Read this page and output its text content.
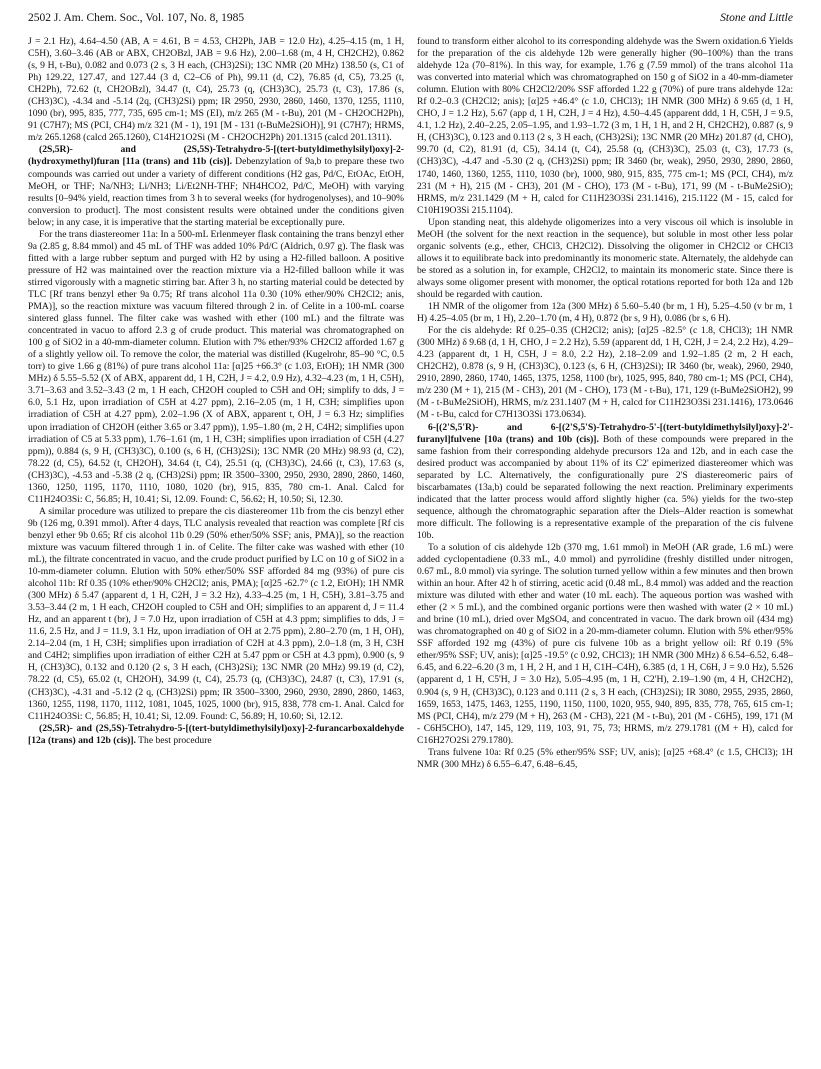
2502 J. Am. Chem. Soc., Vol. 107, No. 8, 1985	Stone and Little

J = 2.1 Hz), 4.64–4.50 (AB, A = 4.61, B = 4.53, CH2Ph, JAB = 12.0 Hz), 4.25–4.15 (m, 1 H, C5H), 3.60–3.46 (AB or ABX, CH2OBzl, JAB = 9.6 Hz), 2.00–1.68 (m, 4 H, CH2CH2), 0.862 (s, 9 H, t-Bu), 0.082 and 0.073 (2 s, 3 H each, (CH3)2Si); 13C NMR (20 MHz) 138.50 (s, C1 of Ph) 129.22, 127.47, and 127.44 (3 d, C2–C6 of Ph), 99.11 (d, C2), 76.85 (d, C5), 73.25 (t, CH2Ph), 72.62 (t, CH2OBzl), 34.47 (t, C4), 25.73 (q, (CH3)3C), 25.73 (t, C3), 17.86 (s, (CH3)3C), -4.34 and -5.14 (2q, (CH3)2Si) ppm; IR 2950, 2930, 2860, 1460, 1370, 1255, 1110, 1090 (br), 995, 835, 777, 735, 695 cm-1; MS (EI), m/z 265 (M - t-Bu), 201 (M - CH2OCH2Ph), 91 (C7H7); MS (PCI, CH4) m/z 321 (M - 1), 191 [M - 131 (t-BuMe2SiOH)], 91 (C7H7); HRMS, m/z 265.1268 (calcd 265.1260), C14H21O2Si (M - CH2OCH2Ph) 201.1315 (calcd 201.1311).

(2S,5R)- and (2S,5S)-Tetrahydro-5-[(tert-butyldimethylsilyl)oxy]-2-(hydroxymethyl)furan [11a (trans) and 11b (cis)]. Debenzylation of 9a,b to prepare these two compounds was carried out under a variety of different conditions (H2 gas, Pd/C, EtOAc, EtOH, MeOH, or THF; Na/NH3; Li/NH3; Li/Et2NH-THF; NH4HCO2, Pd/C, MeOH) with varying results [0–94% yield, reaction times from 3 h to several weeks (for hydrogenolyses), and 10–90% conversion to product]. The most consistent results were obtained under the conditions given below; in any case, it is imperative that the starting material be exceptionally pure.

For the trans diastereomer 11a: In a 500-mL Erlenmeyer flask containing the trans benzyl ether 9a (2.85 g, 8.84 mmol) and 45 mL of THF was added 10% Pd/C (Aldrich, 0.97 g). The flask was fitted with a large rubber septum and purged with H2 by using a H2-filled balloon. A positive pressure of H2 was maintained over the reaction mixture via a H2-filled balloon while it was stirred vigorously with a magnetic stirring bar. After 3 h, no starting material could be detected by TLC [Rf trans benzyl ether 9a 0.75; Rf trans alcohol 11a 0.30 (10% ether/90% CH2Cl2; anis, PMA)], so the reaction mixture was vacuum filtered through 2 in. of Celite in a 100-mL coarse sintered glass funnel. The filter cake was washed with ether (100 mL) and the filtrate was concentrated in vacuo to afford 2.3 g of crude product. This material was chromatographed on 100 g of SiO2 in a 40-mm-diameter column. Elution with 7% ether/93% CH2Cl2 afforded 1.67 g of a slightly yellow oil. To remove the color, the material was distilled (Kugelrohr, 85–90 °C, 0.5 torr) to give 1.66 g (81%) of pure trans alcohol 11a: [α]25 +66.3° (c 1.03, EtOH); 1H NMR (300 MHz) δ 5.55–5.52 (X of ABX, apparent dd, 1 H, C2H, J = 4.2, 0.9 Hz), 4.32–4.23 (m, 1 H, C5H), 3.71–3.63 and 3.52–3.43 (2 m, 1 H each, CH2OH coupled to C5H and OH; simplify to dds, J = 6.0, 5.1 Hz, upon irradiation of C5H at 4.27 ppm), 2.16–2.05 (m, 1 H, C3H; simplifies upon irradiation of C5H at 4.27 ppm), 2.02–1.96 (X of ABX, apparent t, OH, J = 6.3 Hz; simplifies upon irradiation of CH2OH (either 3.65 or 3.47 ppm)), 1.95–1.80 (m, 2 H, C4H2; simplifies upon irradiation of C5 at 5.33 ppm), 1.76–1.61 (m, 1 H, C3H; simplifies upon irradiation of C5H (4.27 ppm)), 0.884 (s, 9 H, (CH3)3C), 0.100 (s, 6 H, (CH3)2Si); 13C NMR (20 MHz) 98.93 (d, C2), 78.22 (d, C5), 64.52 (t, CH2OH), 34.64 (t, C4), 25.51 (q, (CH3)3C), 24.66 (t, C3), 17.63 (s, (CH3)3C), -4.53 and -5.38 (2 q, (CH3)2Si) ppm; IR 3500–3300, 2950, 2930, 2890, 2860, 1460, 1360, 1250, 1195, 1170, 1110, 1080, 1020 (br), 915, 835, 780 cm-1. Anal. Calcd for C11H24O3Si: C, 56.85; H, 10.41; Si, 12.09. Found: C, 56.62; H, 10.50; Si, 12.30.

A similar procedure was utilized to prepare the cis diastereomer 11b from the cis benzyl ether 9b (126 mg, 0.391 mmol). After 4 days, TLC analysis revealed that reaction was complete [Rf cis benzyl ether 9b 0.65; Rf cis alcohol 11b 0.29 (50% ether/50% SSF; anis, PMA)], so the reaction mixture was vacuum filtered through 1 in. of Celite. The filter cake was washed with ether (10 mL), the filtrate concentrated in vacuo, and the crude product purified by LC on 10 g of SiO2 in a 10-mm-diameter column. Elution with 50% ether/50% SSF afforded 84 mg (93%) of pure cis alcohol 11b: Rf 0.35 (10% ether/90% CH2Cl2; anis, PMA); [α]25 -62.7° (c 1.2, EtOH); 1H NMR (300 MHz) δ 5.47 (apparent d, 1 H, C2H, J = 3.2 Hz), 4.33–4.25 (m, 1 H, C5H), 3.81–3.75 and 3.53–3.44 (2 m, 1 H each, CH2OH coupled to C5H and OH; simplifies to an apparent d, J = 11.4 Hz, and an apparent t (br), J = 7.0 Hz, upon irradiation of C5H at 4.3 ppm; simplifies to dds, J = 11.6, 2.5 Hz, and J = 11.9, 3.1 Hz, upon irradiation of OH at 2.75 ppm), 2.80–2.70 (m, 1 H, OH), 2.14–2.04 (m, 1 H, C3H; simplifies upon irradiation of C2H at 4.3 ppm), 2.0–1.8 (m, 3 H, C3H and C4H2; simplifies upon irradiation of either C2H at 5.47 ppm or C5H at 4.3 ppm), 0.900 (s, 9 H, (CH3)3C), 0.132 and 0.120 (2 s, 3 H each, (CH3)2Si); 13C NMR (20 MHz) 99.19 (d, C2), 78.22 (d, C5), 65.02 (t, CH2OH), 34.99 (t, C4), 25.73 (q, (CH3)3C), 24.87 (t, C3), 17.91 (s, (CH3)3C), -4.31 and -5.12 (2 q, (CH3)2Si) ppm; IR 3500–3300, 2960, 2930, 2890, 2860, 1463, 1360, 1255, 1198, 1170, 1112, 1081, 1045, 1025, 1000 (br), 915, 838, 778 cm-1. Anal. Calcd for C11H24O3Si: C, 56.85; H, 10.41; Si, 12.09. Found: C, 56.89; H, 10.60; Si, 12.12.

(2S,5R)- and (2S,5S)-Tetrahydro-5-[(tert-butyldimethylsilyl)oxy]-2-furancarboxaldehyde [12a (trans) and 12b (cis)]. The best procedure

found to transform either alcohol to its corresponding aldehyde was the Swern oxidation.6 Yields for the preparation of the cis aldehyde 12b were generally higher (90–100%) than the trans aldehyde 12a (70–81%). In this way, for example, 1.76 g (7.59 mmol) of the trans alcohol 11a was converted into material which was chromatographed on 150 g of SiO2 in a 40-mm-diameter column. Elution with 80% CH2Cl2/20% SSF afforded 1.22 g (70%) of pure trans aldehyde 12a: Rf 0.2–0.3 (CH2Cl2; anis); [α]25 +46.4° (c 1.0, CHCl3); 1H NMR (300 MHz) δ 9.65 (d, 1 H, CHO, J = 1.2 Hz), 5.67 (app d, 1 H, C2H, J = 4 Hz), 4.50–4.45 (apparent ddd, 1 H, C5H, J = 9.5, 4.1, 1.2 Hz), 2.40–2.25, 2.05–1.95, and 1.93–1.72 (3 m, 1 H, 1 H, and 2 H, CH2CH2), 0.887 (s, 9 H, (CH3)3C), 0.123 and 0.113 (2 s, 3 H each, (CH3)2Si); 13C NMR (20 MHz) 201.87 (d, CHO), 99.70 (d, C2), 81.91 (d, C5), 34.14 (t, C4), 25.58 (q, (CH3)3C), 25.03 (t, C3), 17.73 (s, (CH3)3C), -4.47 and -5.30 (2 q, (CH3)2Si) ppm; IR 3460 (br, weak), 2950, 2930, 2890, 2860, 1740, 1460, 1360, 1255, 1110, 1030 (br), 1000, 980, 915, 835, 775 cm-1; MS (PCI, CH4), m/z 231 (M + H), 215 (M - CH3), 201 (M - CHO), 173 (M - t-Bu), 171, 99 (M - t-BuMe2SiO); HRMS, m/z 231.1429 (M + H, calcd for C11H23O3Si 231.1416), 215.1122 (M - 15, calcd for C10H19O3Si 215.1104).

Upon standing neat, this aldehyde oligomerizes into a very viscous oil which is insoluble in MeOH (the solvent for the next reaction in the sequence), but soluble in most other less polar organic solvents (e.g., ether, CHCl3, CH2Cl2). Dissolving the oligomer in CH2Cl2 or CHCl3 allows it to equilibrate back into predominantly its monomeric state. Alternately, the aldehyde can be stored as a solution in, for example, CH2Cl2, to maintain its monomeric state. Since there is always some oligomer present with monomer, the optical rotations reported for both 12a and 12b should be regarded with caution.

1H NMR of the oligomer from 12a (300 MHz) δ 5.60–5.40 (br m, 1 H), 5.25–4.50 (v br m, 1 H) 4.25–4.05 (br m, 1 H), 2.20–1.70 (m, 4 H), 0.872 (br s, 9 H), 0.086 (br s, 6 H).

For the cis aldehyde: Rf 0.25–0.35 (CH2Cl2; anis); [α]25 -82.5° (c 1.8, CHCl3); 1H NMR (300 MHz) δ 9.68 (d, 1 H, CHO, J = 2.2 Hz), 5.59 (apparent dd, 1 H, C2H, J = 2.4, 2.2 Hz), 4.29–4.23 (apparent dt, 1 H, C5H, J = 8.0, 2.2 Hz), 2.18–2.09 and 1.92–1.85 (2 m, 2 H each, CH2CH2), 0.878 (s, 9 H, (CH3)3C), 0.123 (s, 6 H, (CH3)2Si); IR 3460 (br, weak), 2960, 2940, 2910, 2890, 2860, 1740, 1465, 1375, 1258, 1100 (br), 1025, 995, 840, 780 cm-1; MS (PCI, CH4), m/z 230 (M + 1), 215 (M - CH3), 201 (M - CHO), 173 (M - t-Bu), 171, 129 (t-BuMe2SiOH2), 99 (M - t-BuMe2SiOH), HRMS, m/z 231.1407 (M + H, calcd for C11H23O3Si 231.1416), 173.0646 (M - t-Bu, calcd for C7H13O3Si 173.0634).

6-[(2'S,5'R)- and 6-[(2'S,5'S)-Tetrahydro-5'-[(tert-butyldimethylsilyl)oxy]-2'-furanyl]fulvene [10a (trans) and 10b (cis)]. Both of these compounds were prepared in the same fashion from their corresponding aldehyde precursors 12a and 12b, and in each case the desired product was accompanied by about 11% of its C2' epimerized diastereomer which was separated by LC. Alternatively, the configurationally pure 2'S diastereomeric pairs of biscarbamates (13a,b) could be separated following the next reaction. Preliminary experiments indicated that the latter process would afford slightly higher (ca. 5%) yields for the two-step sequence, although the chromatographic separation after the Diels–Alder reaction is somewhat more difficult. The following is a representative example of the preparation of the cis fulvene 10b.

To a solution of cis aldehyde 12b (370 mg, 1.61 mmol) in MeOH (AR grade, 1.6 mL) were added cyclopentadiene (0.33 mL, 4.0 mmol) and pyrrolidine (freshly distilled under nitrogen, 0.67 mL, 8.0 mmol) via syringe. The solution turned yellow within a few minutes and then brown within an hour. After 42 h of stirring, acetic acid (0.48 mL, 8.4 mmol) was added and the reaction mixture was diluted with ether and water (10 mL each). The aqueous portion was washed with ether (2 × 5 mL), and the combined organic portions were then washed with water (2 × 10 mL) and brine (10 mL), dried over MgSO4, and concentrated in vacuo. The dark brown oil (434 mg) was chromatographed on 40 g of SiO2 in a 20-mm-diameter column. Elution with 5% ether/95% SSF afforded 192 mg (43%) of pure cis fulvene 10b as a bright yellow oil: Rf 0.19 (5% ether/95% SSF; UV, anis); [α]25 -19.5° (c 0.92, CHCl3); 1H NMR (300 MHz) δ 6.54–6.52, 6.48–6.45, and 6.22–6.20 (3 m, 1 H, 2 H, and 1 H, C1H–C4H), 6.385 (d, 1 H, C6H, J = 9.0 Hz), 5.526 (apparent d, 1 H, C5'H, J = 3.0 Hz), 5.05–4.95 (m, 1 H, C2'H), 2.19–1.90 (m, 4 H, CH2CH2), 0.904 (s, 9 H, (CH3)3C), 0.123 and 0.111 (2 s, 3 H each, (CH3)2Si); IR 3080, 2955, 2935, 2860, 1659, 1653, 1475, 1463, 1255, 1190, 1150, 1100, 1020, 955, 940, 895, 835, 778, 765, 615 cm-1; MS (PCI, CH4), m/z 279 (M + H), 263 (M - CH3), 221 (M - t-Bu), 201 (M - C6H5), 199, 171 (M - C6H5CHO), 147, 145, 129, 119, 103, 91, 75, 73; HRMS, m/z 279.1781 ((M + H), calcd for C16H27O2Si 279.1780).

Trans fulvene 10a: Rf 0.25 (5% ether/95% SSF; UV, anis); [α]25 +68.4° (c 1.5, CHCl3); 1H NMR (300 MHz) δ 6.55–6.47, 6.48–6.45,
